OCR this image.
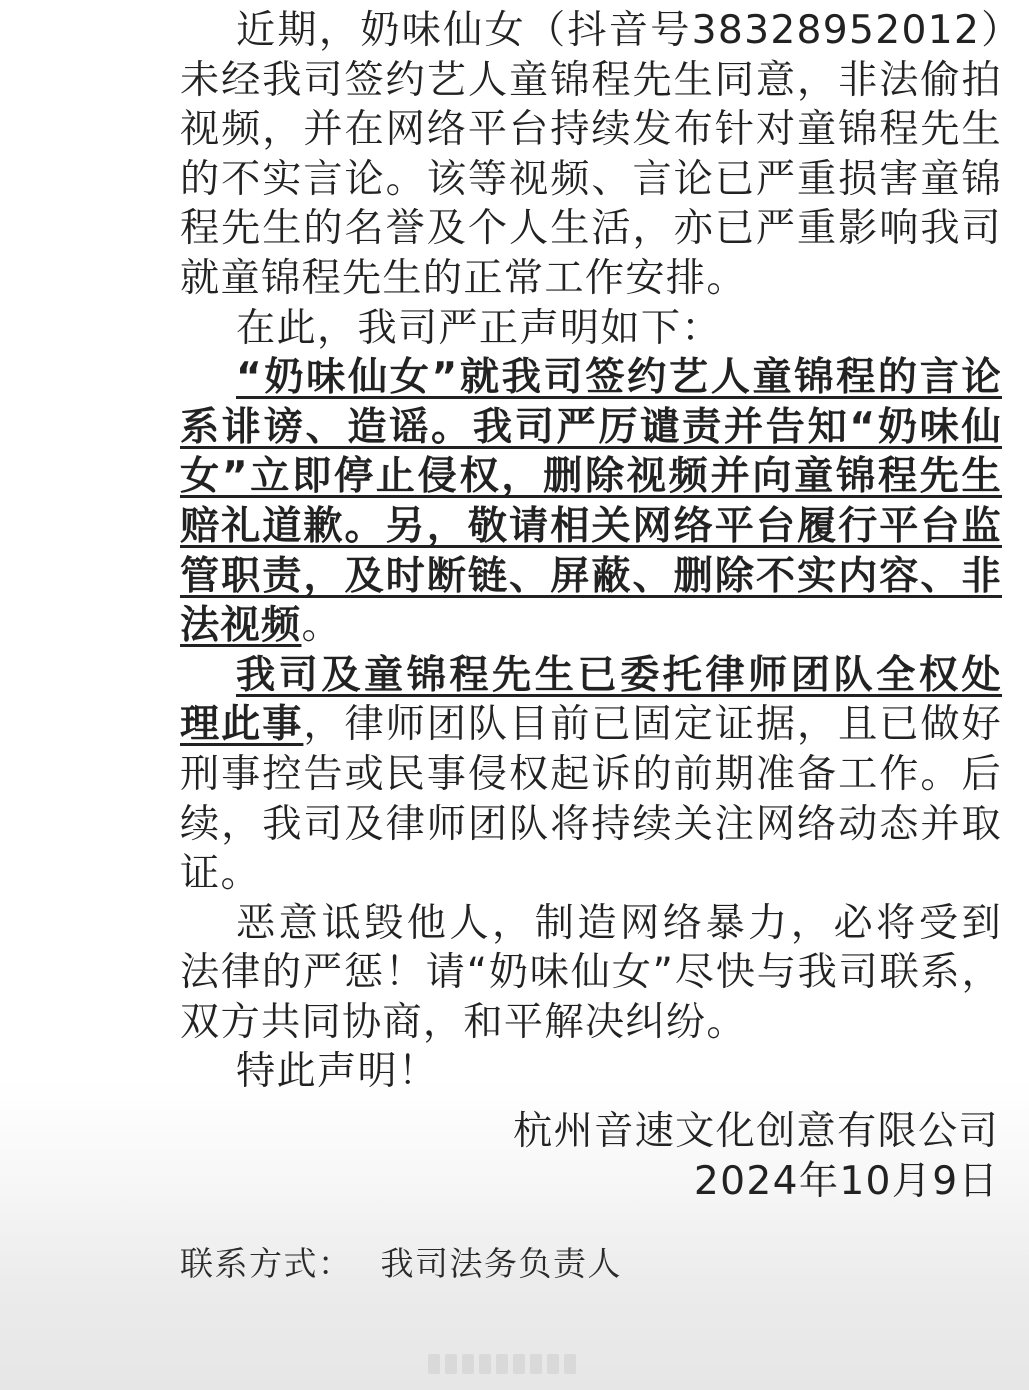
近期，奶味仙女（抖音号38328952012）未经我司签约艺人童锦程先生同意，非法偷拍视频，并在网络平台持续发布针对童锦程先生的不实言论。该等视频、言论已严重损害童锦程先生的名誉及个人生活，亦已严重影响我司就童锦程先生的正常工作安排。

在此，我司严正声明如下：

“奶味仙女”就我司签约艺人童锦程的言论系诽谤、造谣。我司严厉谴责并告知“奶味仙女”立即停止侵权，删除视频并向童锦程先生赔礼道歉。另，敬请相关网络平台履行平台监管职责，及时断链、屏蔽、删除不实内容、非法视频。

我司及童锦程先生已委托律师团队全权处理此事，律师团队目前已固定证据，且已做好刑事控告或民事侵权起诉的前期准备工作。后续，我司及律师团队将持续关注网络动态并取证。

恶意诋毁他人，制造网络暴力，必将受到法律的严惩！请“奶味仙女”尽快与我司联系，双方共同协商，和平解决纠纷。

特此声明！

杭州音速文化创意有限公司

2024年10月9日

联系方式： 我司法务负责人
